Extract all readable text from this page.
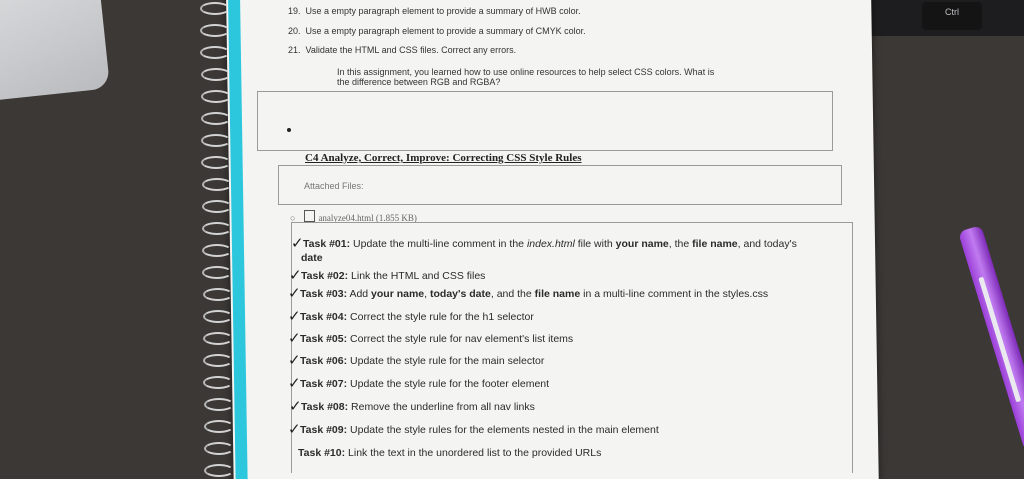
Ctrl
19. Use a empty paragraph element to provide a summary of HWB color.
20. Use a empty paragraph element to provide a summary of CMYK color.
21. Validate the HTML and CSS files. Correct any errors.
In this assignment, you learned how to use online resources to help select CSS colors. What is
the difference between RGB and RGBA?
C4 Analyze, Correct, Improve: Correcting CSS Style Rules
Attached Files:
○	analyze04.html (1.855 KB)
✓ Task #01: Update the multi-line comment in the index.html file with your name, the file name, and today's
date
✓ Task #02: Link the HTML and CSS files
✓ Task #03: Add your name, today's date, and the file name in a multi-line comment in the styles.css
✓ Task #04: Correct the style rule for the h1 selector
✓ Task #05: Correct the style rule for nav element's list items
✓ Task #06: Update the style rule for the main selector
✓ Task #07: Update the style rule for the footer element
✓ Task #08: Remove the underline from all nav links
✓ Task #09: Update the style rules for the elements nested in the main element
Task #10: Link the text in the unordered list to the provided URLs
